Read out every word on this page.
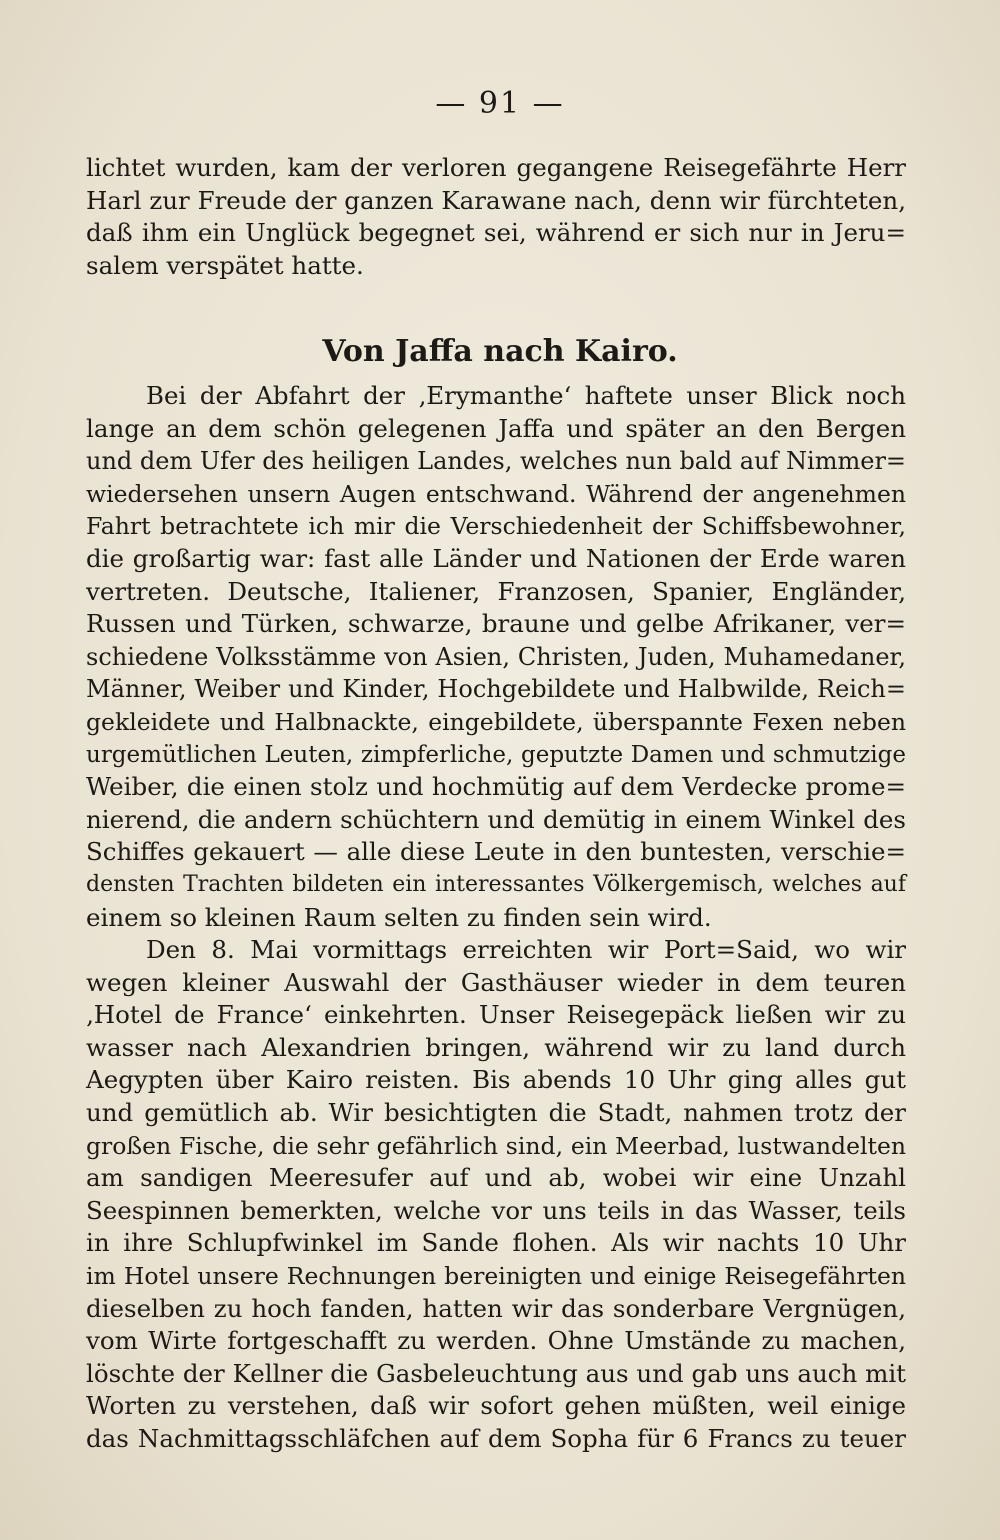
— 91 —
lichtet wurden, kam der verloren gegangene Reisegefährte Herr
Harl zur Freude der ganzen Karawane nach, denn wir fürchteten,
daß ihm ein Unglück begegnet sei, während er sich nur in Jeru=
salem verspätet hatte.
Von Jaffa nach Kairo.
Bei der Abfahrt der ‚Erymanthe‘ haftete unser Blick noch
lange an dem schön gelegenen Jaffa und später an den Bergen
und dem Ufer des heiligen Landes, welches nun bald auf Nimmer=
wiedersehen unsern Augen entschwand. Während der angenehmen
Fahrt betrachtete ich mir die Verschiedenheit der Schiffsbewohner,
die großartig war: fast alle Länder und Nationen der Erde waren
vertreten. Deutsche, Italiener, Franzosen, Spanier, Engländer,
Russen und Türken, schwarze, braune und gelbe Afrikaner, ver=
schiedene Volksstämme von Asien, Christen, Juden, Muhamedaner,
Männer, Weiber und Kinder, Hochgebildete und Halbwilde, Reich=
gekleidete und Halbnackte, eingebildete, überspannte Fexen neben
urgemütlichen Leuten, zimpferliche, geputzte Damen und schmutzige
Weiber, die einen stolz und hochmütig auf dem Verdecke prome=
nierend, die andern schüchtern und demütig in einem Winkel des
Schiffes gekauert — alle diese Leute in den buntesten, verschie=
densten Trachten bildeten ein interessantes Völkergemisch, welches auf
einem so kleinen Raum selten zu finden sein wird.
Den 8. Mai vormittags erreichten wir Port=Said, wo wir
wegen kleiner Auswahl der Gasthäuser wieder in dem teuren
‚Hotel de France‘ einkehrten. Unser Reisegepäck ließen wir zu
wasser nach Alexandrien bringen, während wir zu land durch
Aegypten über Kairo reisten. Bis abends 10 Uhr ging alles gut
und gemütlich ab. Wir besichtigten die Stadt, nahmen trotz der
großen Fische, die sehr gefährlich sind, ein Meerbad, lustwandelten
am sandigen Meeresufer auf und ab, wobei wir eine Unzahl
Seespinnen bemerkten, welche vor uns teils in das Wasser, teils
in ihre Schlupfwinkel im Sande flohen. Als wir nachts 10 Uhr
im Hotel unsere Rechnungen bereinigten und einige Reisegefährten
dieselben zu hoch fanden, hatten wir das sonderbare Vergnügen,
vom Wirte fortgeschafft zu werden. Ohne Umstände zu machen,
löschte der Kellner die Gasbeleuchtung aus und gab uns auch mit
Worten zu verstehen, daß wir sofort gehen müßten, weil einige
das Nachmittagsschläfchen auf dem Sopha für 6 Francs zu teuer
